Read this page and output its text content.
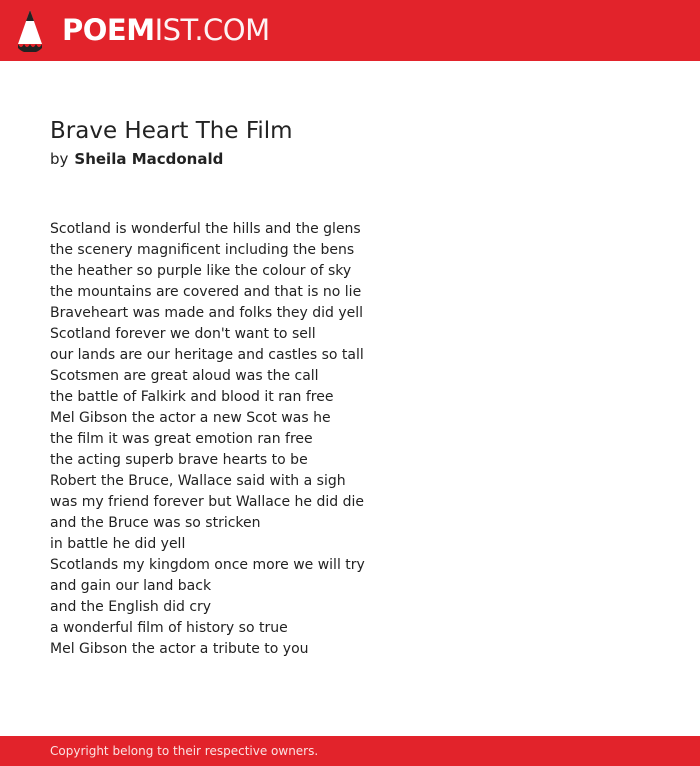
POEMIST.COM
Brave Heart The Film
by Sheila Macdonald
Scotland is wonderful the hills and the glens
the scenery magnificent including the bens
the heather so purple like the colour of sky
the mountains are covered and that is no lie
Braveheart was made and folks they did yell
Scotland forever we don't want to sell
our lands are our heritage and castles so tall
Scotsmen are great aloud was the call
the battle of Falkirk and blood it ran free
Mel Gibson the actor a new Scot was he
the film it was great emotion ran free
the acting superb brave hearts to be
Robert the Bruce, Wallace said with a sigh
was my friend forever but Wallace he did die
and the Bruce was so stricken
in battle he did yell
Scotlands my kingdom once more we will try
and gain our land back
and the English did cry
a wonderful film of history so true
Mel Gibson the actor a tribute to you
Copyright belong to their respective owners.
